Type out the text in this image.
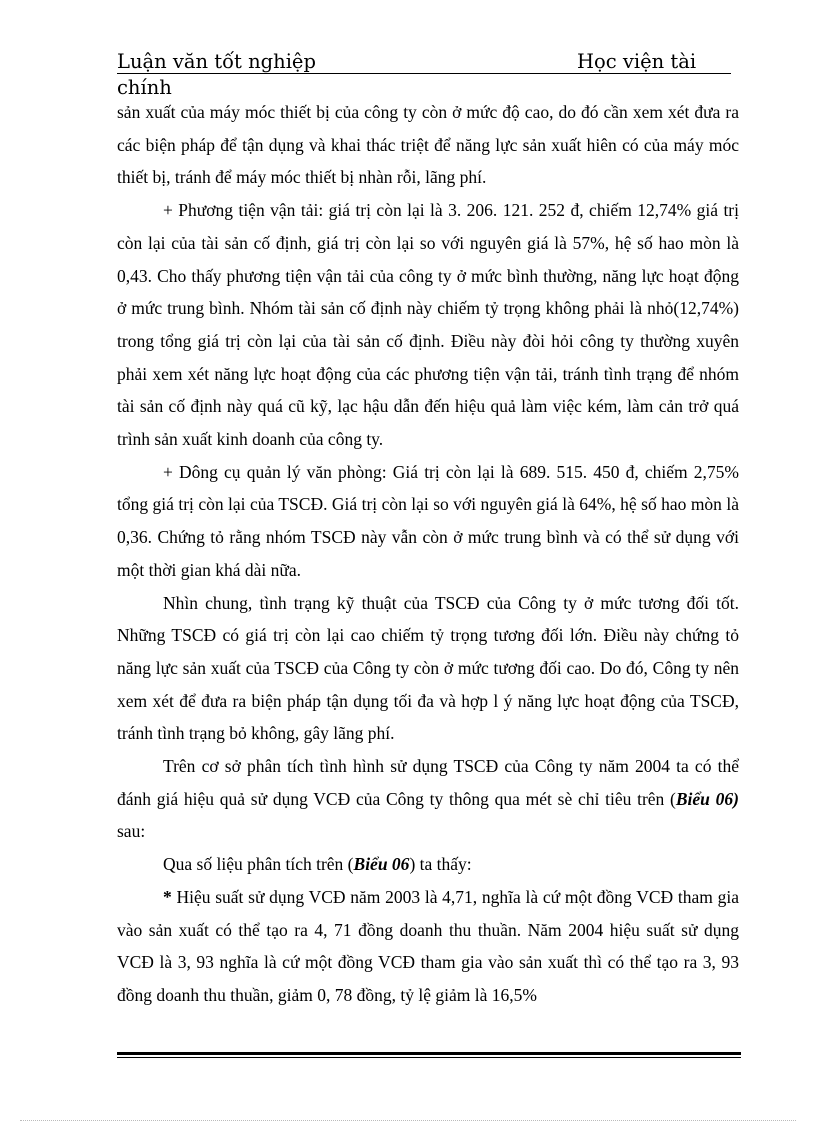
Luận văn tốt nghiệp	Học viện tài
chính

sản xuất của máy móc thiết bị của công ty còn ở mức độ cao, do đó cần xem xét đưa ra các biện pháp để tận dụng và khai thác triệt để năng lực sản xuất hiên có của máy móc thiết bị, tránh để máy móc thiết bị nhàn rỗi, lãng phí.

+ Phương tiện vận tải: giá trị còn lại là 3. 206. 121. 252 đ, chiếm 12,74% giá trị còn lại của tài sản cố định, giá trị còn lại so với nguyên giá là 57%, hệ số hao mòn là 0,43. Cho thấy phương tiện vận tải của công ty ở mức bình thường, năng lực hoạt động ở mức trung bình. Nhóm tài sản cố định này chiếm tỷ trọng không phải là nhỏ(12,74%) trong tổng giá trị còn lại của tài sản cố định. Điều này đòi hỏi công ty thường xuyên phải xem xét năng lực hoạt động của các phương tiện vận tải, tránh tình trạng để nhóm tài sản cố định này quá cũ kỹ, lạc hậu dẫn đến hiệu quả làm việc kém, làm cản trở quá trình sản xuất kinh doanh của công ty.

+ Dông cụ quản lý văn phòng: Giá trị còn lại là 689. 515. 450 đ, chiếm 2,75% tổng giá trị còn lại của TSCĐ. Giá trị còn lại so với nguyên giá là 64%, hệ số hao mòn là 0,36. Chứng tỏ rằng nhóm TSCĐ này vẫn còn ở mức trung bình và có thể sử dụng với một thời gian khá dài nữa.

Nhìn chung, tình trạng kỹ thuật của TSCĐ của Công ty ở mức tương đối tốt. Những TSCĐ có giá trị còn lại cao chiếm tỷ trọng tương đối lớn. Điều này chứng tỏ năng lực sản xuất của TSCĐ của Công ty còn ở mức tương đối cao. Do đó, Công ty nên xem xét để đưa ra biện pháp tận dụng tối đa và hợp l ý năng lực hoạt động của TSCĐ, tránh tình trạng bỏ không, gây lãng phí.

Trên cơ sở phân tích tình hình sử dụng TSCĐ của Công ty năm 2004 ta có thể đánh giá hiệu quả sử dụng VCĐ của Công ty thông qua mét sè chỉ tiêu trên (Biểu 06) sau:

Qua số liệu phân tích trên (Biểu 06) ta thấy:

* Hiệu suất sử dụng VCĐ năm 2003 là 4,71, nghĩa là cứ một đồng VCĐ tham gia vào sản xuất có thể tạo ra 4, 71 đồng doanh thu thuần. Năm 2004 hiệu suất sử dụng VCĐ là 3, 93 nghĩa là cứ một đồng VCĐ tham gia vào sản xuất thì có thể tạo ra 3, 93 đồng doanh thu thuần, giảm 0, 78 đồng, tỷ lệ giảm là 16,5%
